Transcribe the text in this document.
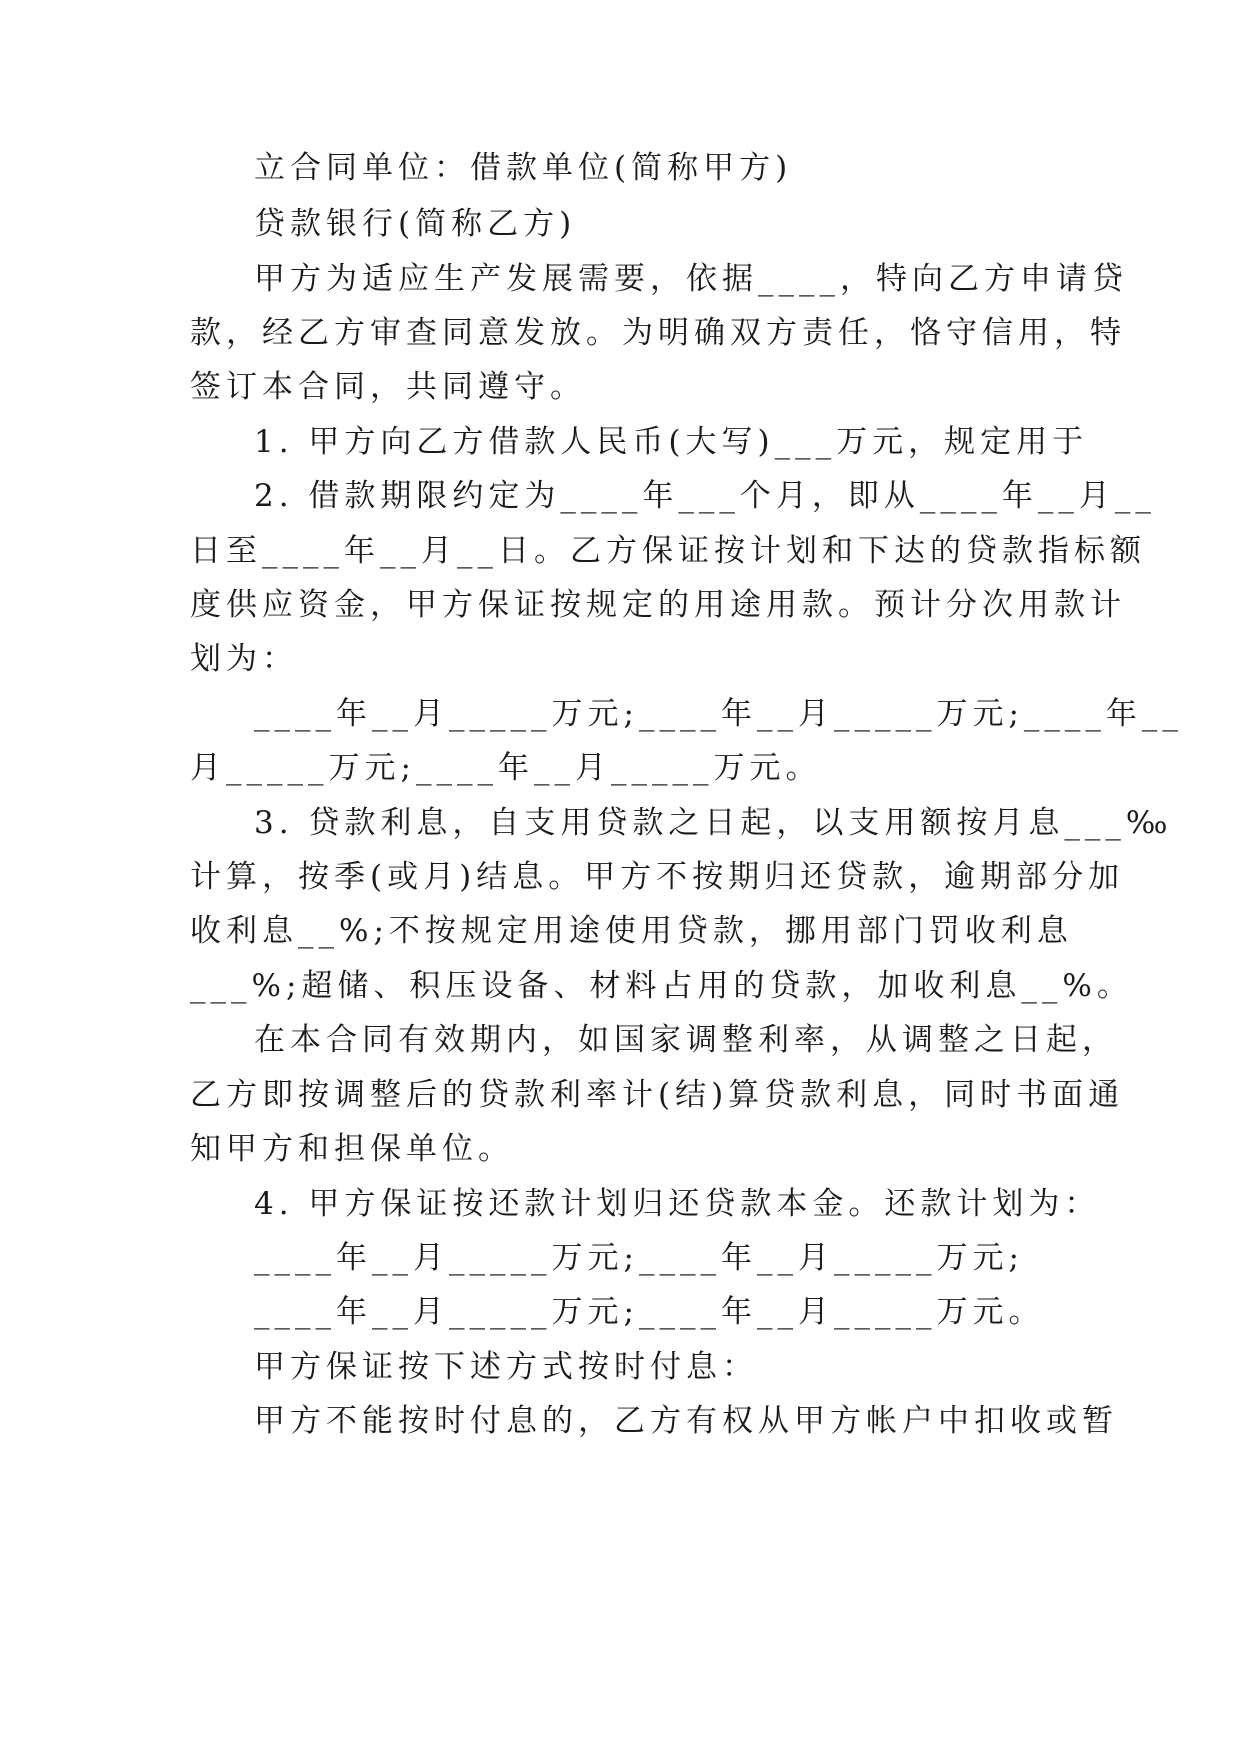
立合同单位：借款单位(简称甲方)
贷款银行(简称乙方)
甲方为适应生产发展需要，依据____，特向乙方申请贷
款，经乙方审查同意发放。为明确双方责任，恪守信用，特
签订本合同，共同遵守。
1. 甲方向乙方借款人民币(大写)___万元，规定用于
2. 借款期限约定为____年___个月，即从____年__月__
日至____年__月__日。乙方保证按计划和下达的贷款指标额
度供应资金，甲方保证按规定的用途用款。预计分次用款计
划为：
____年__月_____万元;____年__月_____万元;____年__
月_____万元;____年__月_____万元。
3. 贷款利息，自支用贷款之日起，以支用额按月息___‰
计算，按季(或月)结息。甲方不按期归还贷款，逾期部分加
收利息__%;不按规定用途使用贷款，挪用部门罚收利息
___%;超储、积压设备、材料占用的贷款，加收利息__%。
在本合同有效期内，如国家调整利率，从调整之日起，
乙方即按调整后的贷款利率计(结)算贷款利息，同时书面通
知甲方和担保单位。
4. 甲方保证按还款计划归还贷款本金。还款计划为：
____年__月_____万元;____年__月_____万元;
____年__月_____万元;____年__月_____万元。
甲方保证按下述方式按时付息：
甲方不能按时付息的，乙方有权从甲方帐户中扣收或暂
